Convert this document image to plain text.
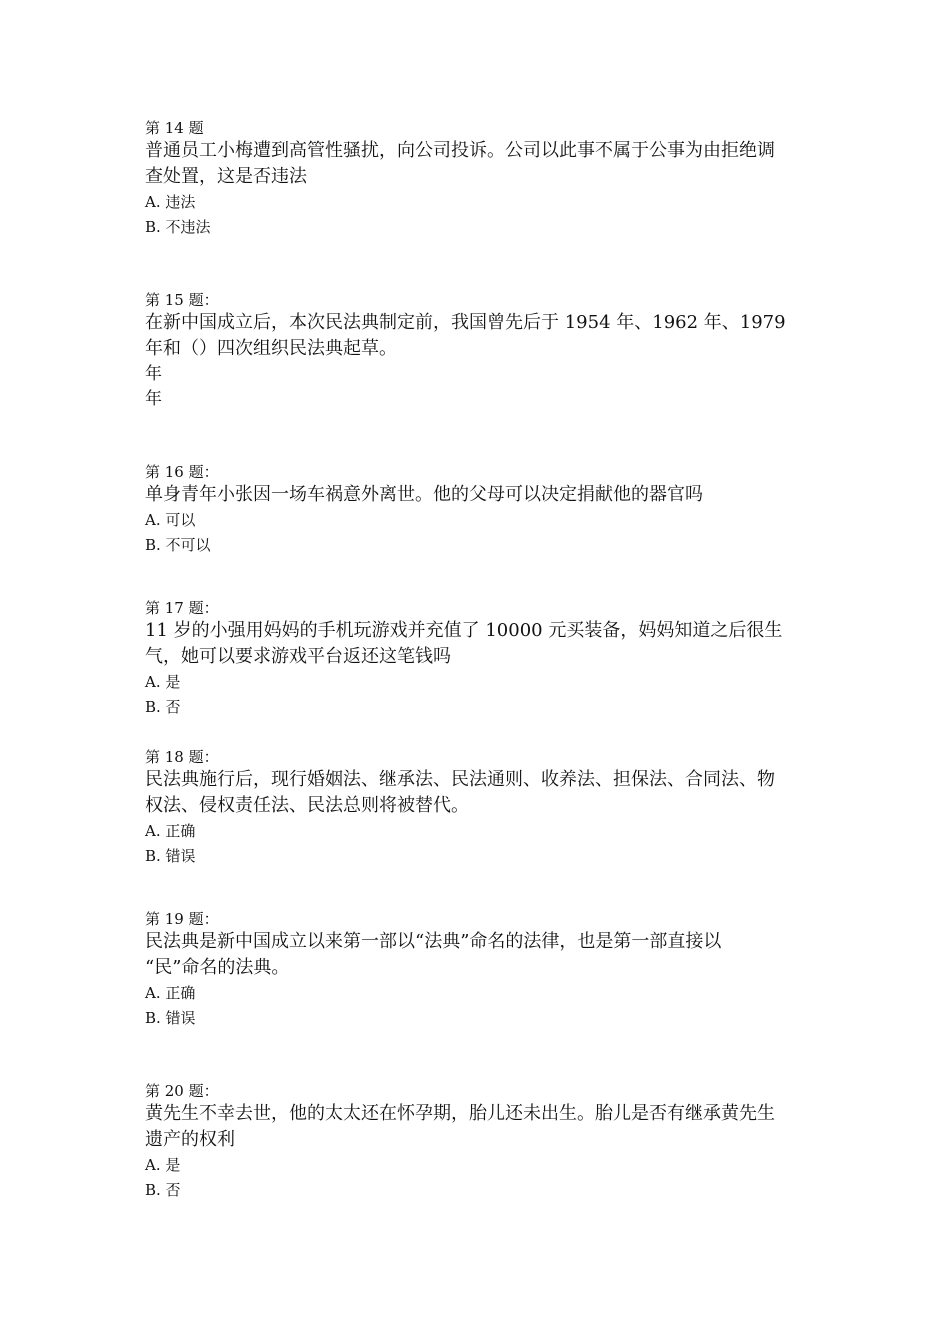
第 14 题
普通员工小梅遭到高管性骚扰，向公司投诉。公司以此事不属于公事为由拒绝调
查处置，这是否违法
A. 违法
B. 不违法
第 15 题：
在新中国成立后，本次民法典制定前，我国曾先后于 1954 年、1962 年、1979
年和（）四次组织民法典起草。
年
年
第 16 题：
单身青年小张因一场车祸意外离世。他的父母可以决定捐献他的器官吗
A. 可以
B. 不可以
第 17 题：
11 岁的小强用妈妈的手机玩游戏并充值了 10000 元买装备，妈妈知道之后很生
气，她可以要求游戏平台返还这笔钱吗
A. 是
B. 否
第 18 题：
民法典施行后，现行婚姻法、继承法、民法通则、收养法、担保法、合同法、物
权法、侵权责任法、民法总则将被替代。
A. 正确
B. 错误
第 19 题：
民法典是新中国成立以来第一部以“法典”命名的法律，也是第一部直接以
“民”命名的法典。
A. 正确
B. 错误
第 20 题：
黄先生不幸去世，他的太太还在怀孕期，胎儿还未出生。胎儿是否有继承黄先生
遗产的权利
A. 是
B. 否
